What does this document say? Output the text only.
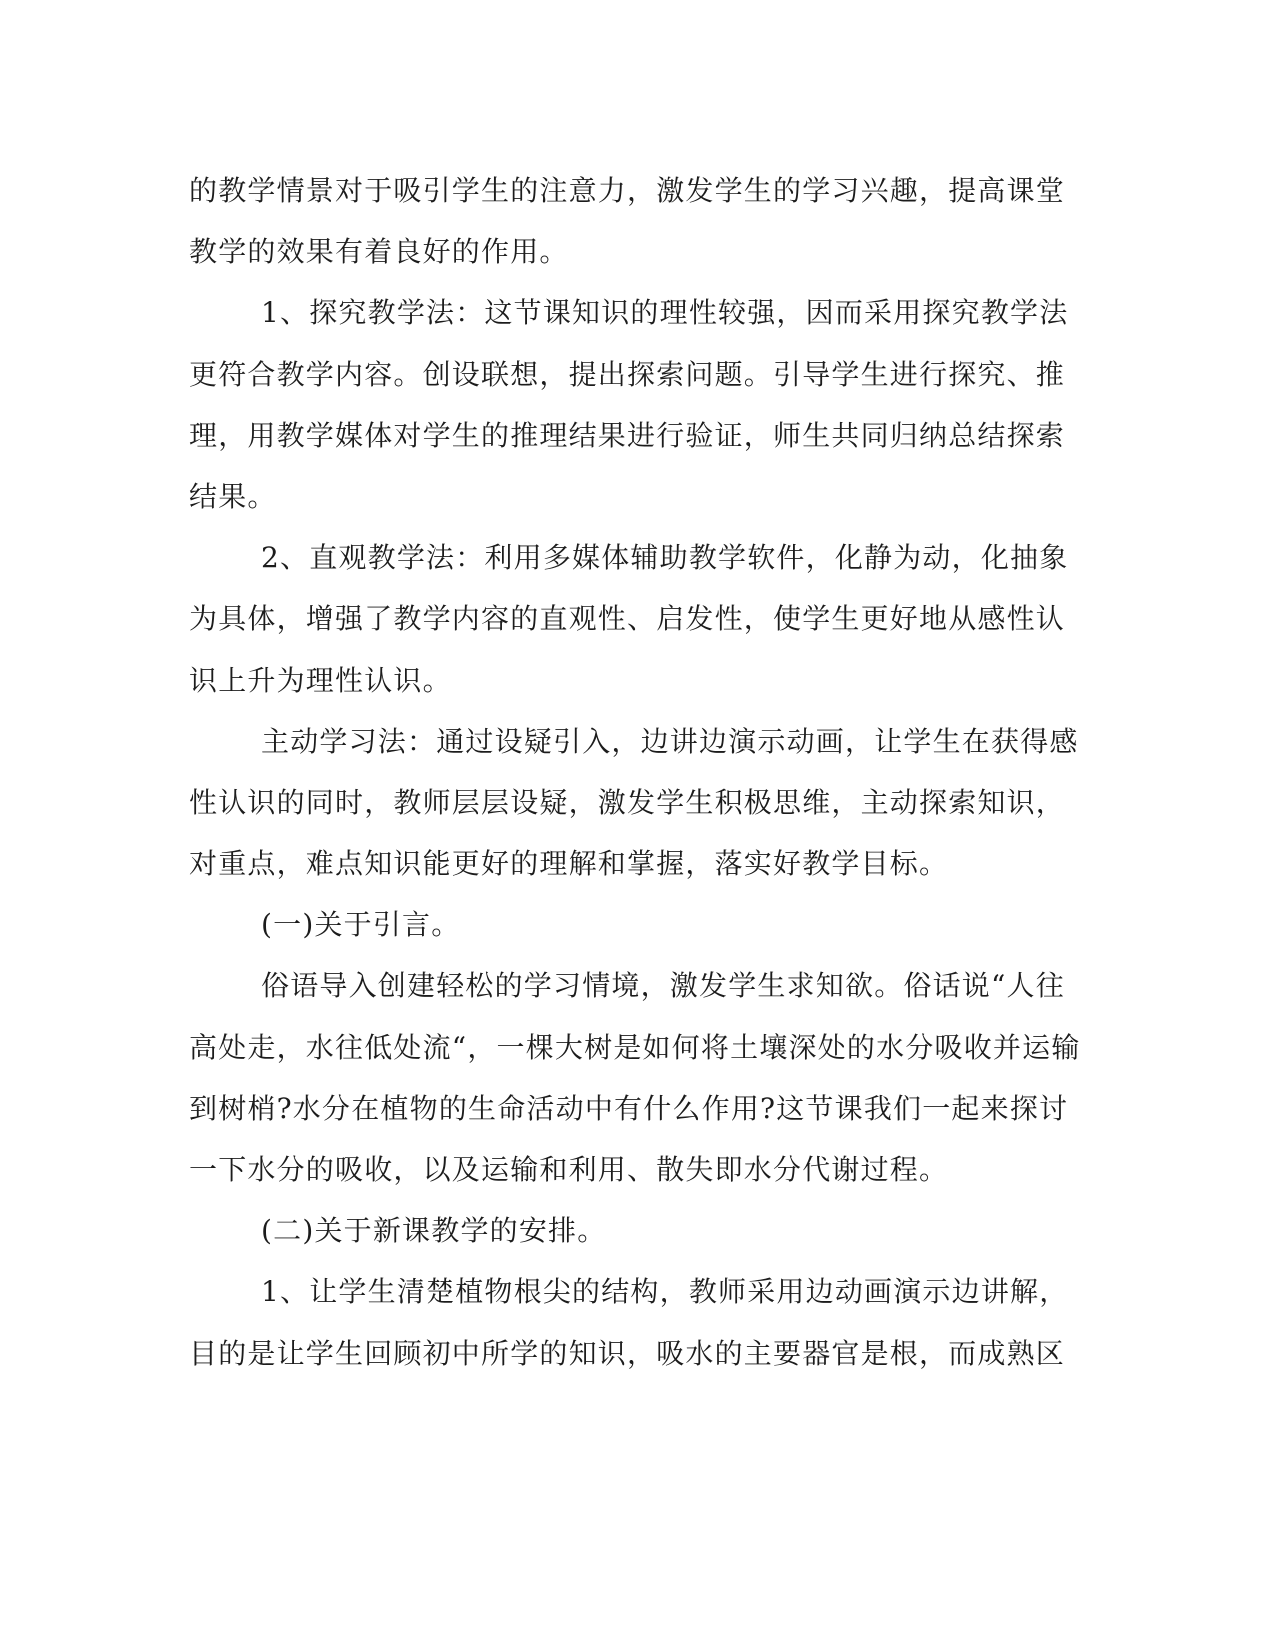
的教学情景对于吸引学生的注意力，激发学生的学习兴趣，提高课堂
教学的效果有着良好的作用。
1、探究教学法：这节课知识的理性较强，因而采用探究教学法
更符合教学内容。创设联想，提出探索问题。引导学生进行探究、推
理，用教学媒体对学生的推理结果进行验证，师生共同归纳总结探索
结果。
2、直观教学法：利用多媒体辅助教学软件，化静为动，化抽象
为具体，增强了教学内容的直观性、启发性，使学生更好地从感性认
识上升为理性认识。
主动学习法：通过设疑引入，边讲边演示动画，让学生在获得感
性认识的同时，教师层层设疑，激发学生积极思维，主动探索知识，
对重点，难点知识能更好的理解和掌握，落实好教学目标。
(一)关于引言。
俗语导入创建轻松的学习情境，激发学生求知欲。俗话说“人往
高处走，水往低处流“，一棵大树是如何将土壤深处的水分吸收并运输
到树梢?水分在植物的生命活动中有什么作用?这节课我们一起来探讨
一下水分的吸收，以及运输和利用、散失即水分代谢过程。
(二)关于新课教学的安排。
1、让学生清楚植物根尖的结构，教师采用边动画演示边讲解，
目的是让学生回顾初中所学的知识，吸水的主要器官是根，而成熟区
